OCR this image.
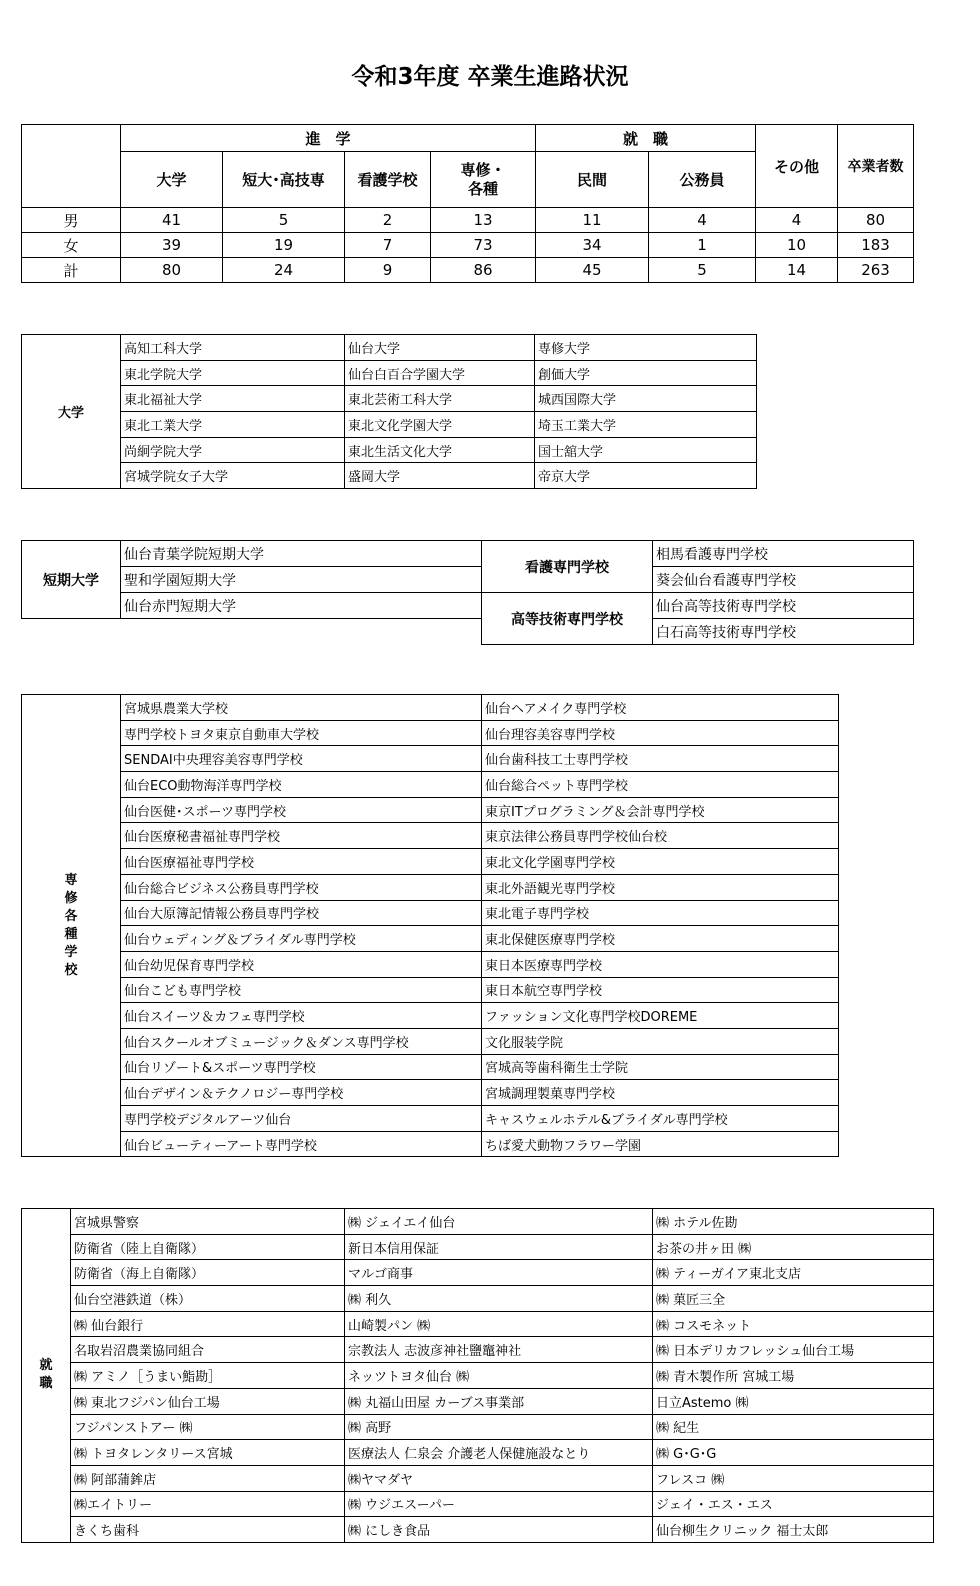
令和3年度 卒業生進路状況
	進　学				就　職		その他	卒業者数
	大学	短大･高技専	看護学校	専修・各種	民間	公務員		
男	41	5	2	13	11	4	4	80
女	39	19	7	73	34	1	10	183
計	80	24	9	86	45	5	14	263
大学	高知工科大学	仙台大学	専修大学
	東北学院大学	仙台白百合学園大学	創価大学
	東北福祉大学	東北芸術工科大学	城西国際大学
	東北工業大学	東北文化学園大学	埼玉工業大学
	尚絅学院大学	東北生活文化大学	国士舘大学
	宮城学院女子大学	盛岡大学	帝京大学
短期大学	仙台青葉学院短期大学	看護専門学校	相馬看護専門学校
	聖和学園短期大学		葵会仙台看護専門学校
	仙台赤門短期大学	高等技術専門学校	仙台高等技術専門学校
			白石高等技術専門学校
専修各種学校	宮城県農業大学校	仙台ヘアメイク専門学校
	専門学校トヨタ東京自動車大学校	仙台理容美容専門学校
	SENDAI中央理容美容専門学校	仙台歯科技工士専門学校
	仙台ECO動物海洋専門学校	仙台総合ペット専門学校
	仙台医健･スポーツ専門学校	東京ITプログラミング＆会計専門学校
	仙台医療秘書福祉専門学校	東京法律公務員専門学校仙台校
	仙台医療福祉専門学校	東北文化学園専門学校
	仙台総合ビジネス公務員専門学校	東北外語観光専門学校
	仙台大原簿記情報公務員専門学校	東北電子専門学校
	仙台ウェディング＆ブライダル専門学校	東北保健医療専門学校
	仙台幼児保育専門学校	東日本医療専門学校
	仙台こども専門学校	東日本航空専門学校
	仙台スイーツ＆カフェ専門学校	ファッション文化専門学校DOREME
	仙台スクールオブミュージック＆ダンス専門学校	文化服装学院
	仙台リゾート&スポーツ専門学校	宮城高等歯科衛生士学院
	仙台デザイン＆テクノロジー専門学校	宮城調理製菓専門学校
	専門学校デジタルアーツ仙台	キャスウェルホテル&ブライダル専門学校
	仙台ビューティーアート専門学校	ちば愛犬動物フラワー学園
就職	宮城県警察	㈱ ジェイエイ仙台	㈱ ホテル佐勘
	防衛省（陸上自衛隊）	新日本信用保証	お茶の井ヶ田 ㈱
	防衛省（海上自衛隊）	マルゴ商事	㈱ ティーガイア東北支店
	仙台空港鉄道（株）	㈱ 利久	㈱ 菓匠三全
	㈱ 仙台銀行	山崎製パン ㈱	㈱ コスモネット
	名取岩沼農業協同組合	宗教法人 志波彦神社鹽竈神社	㈱ 日本デリカフレッシュ仙台工場
	㈱ アミノ［うまい鮨勘］	ネッツトヨタ仙台 ㈱	㈱ 青木製作所 宮城工場
	㈱ 東北フジパン仙台工場	㈱ 丸福山田屋 カーブス事業部	日立Astemo ㈱
	フジパンストアー ㈱	㈱ 高野	㈱ 紀生
	㈱ トヨタレンタリース宮城	医療法人 仁泉会 介護老人保健施設なとり	㈱ G･G･G
	㈱ 阿部蒲鉾店	㈱ヤマダヤ	フレスコ ㈱
	㈱エイトリー	㈱ ウジエスーパー	ジェイ・エス・エス
	きくち歯科	㈱ にしき食品	仙台柳生クリニック 福士太郎
